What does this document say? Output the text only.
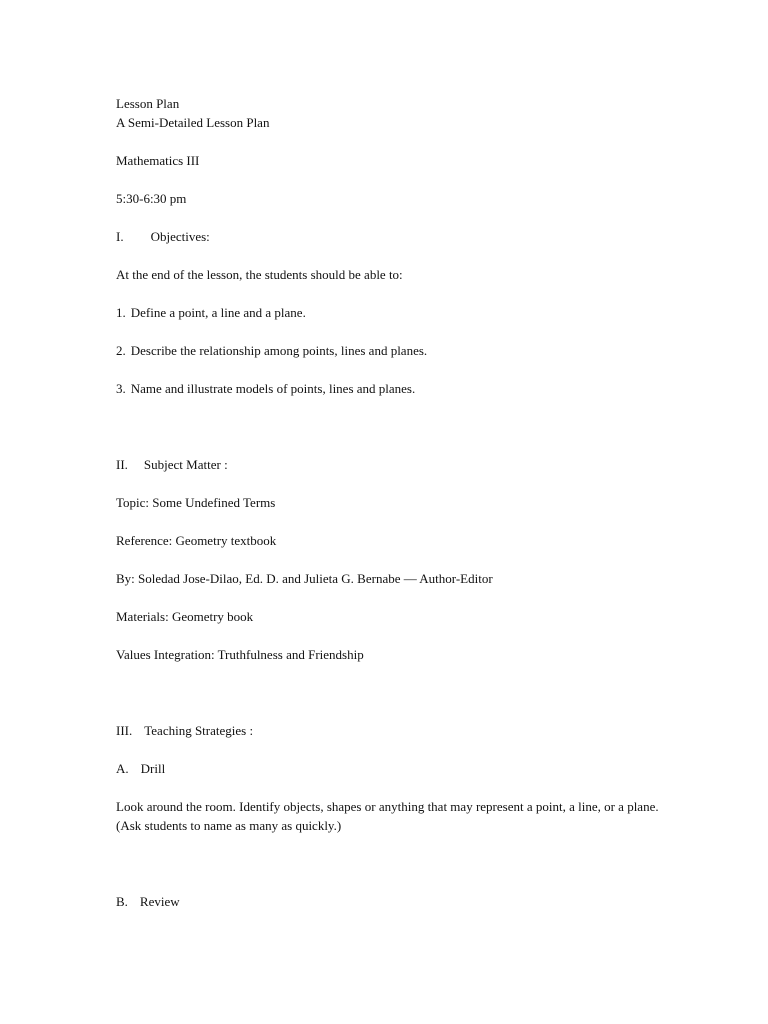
Lesson Plan
A Semi-Detailed Lesson Plan
Mathematics III
5:30-6:30 pm
I. Objectives:
At the end of the lesson, the students should be able to:
1. Define a point, a line and a plane.
2. Describe the relationship among points, lines and planes.
3. Name and illustrate models of points, lines and planes.
II. Subject Matter :
Topic: Some Undefined Terms
Reference: Geometry textbook
By: Soledad Jose-Dilao, Ed. D. and Julieta G. Bernabe — Author-Editor
Materials: Geometry book
Values Integration: Truthfulness and Friendship
III. Teaching Strategies :
A. Drill
Look around the room. Identify objects, shapes or anything that may represent a point, a line, or a plane. (Ask students to name as many as quickly.)
B. Review
